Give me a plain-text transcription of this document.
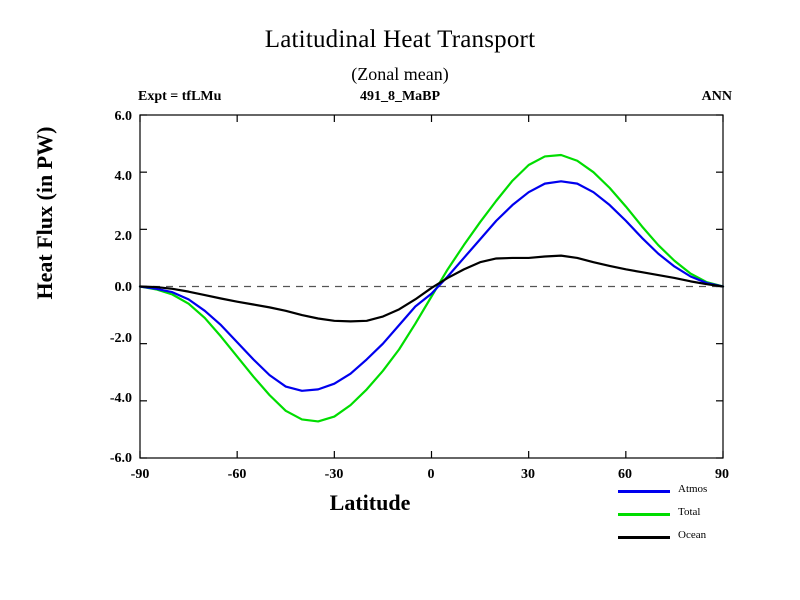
Latitudinal Heat Transport
(Zonal mean)
Expt = tfLMu	491_8_MaBP	ANN
Heat Flux (in PW)
Latitude
6.0
4.0
2.0
0.0
-2.0
-4.0
-6.0
-90	-60	-30	0	30	60	90
Atmos
Total
Ocean
